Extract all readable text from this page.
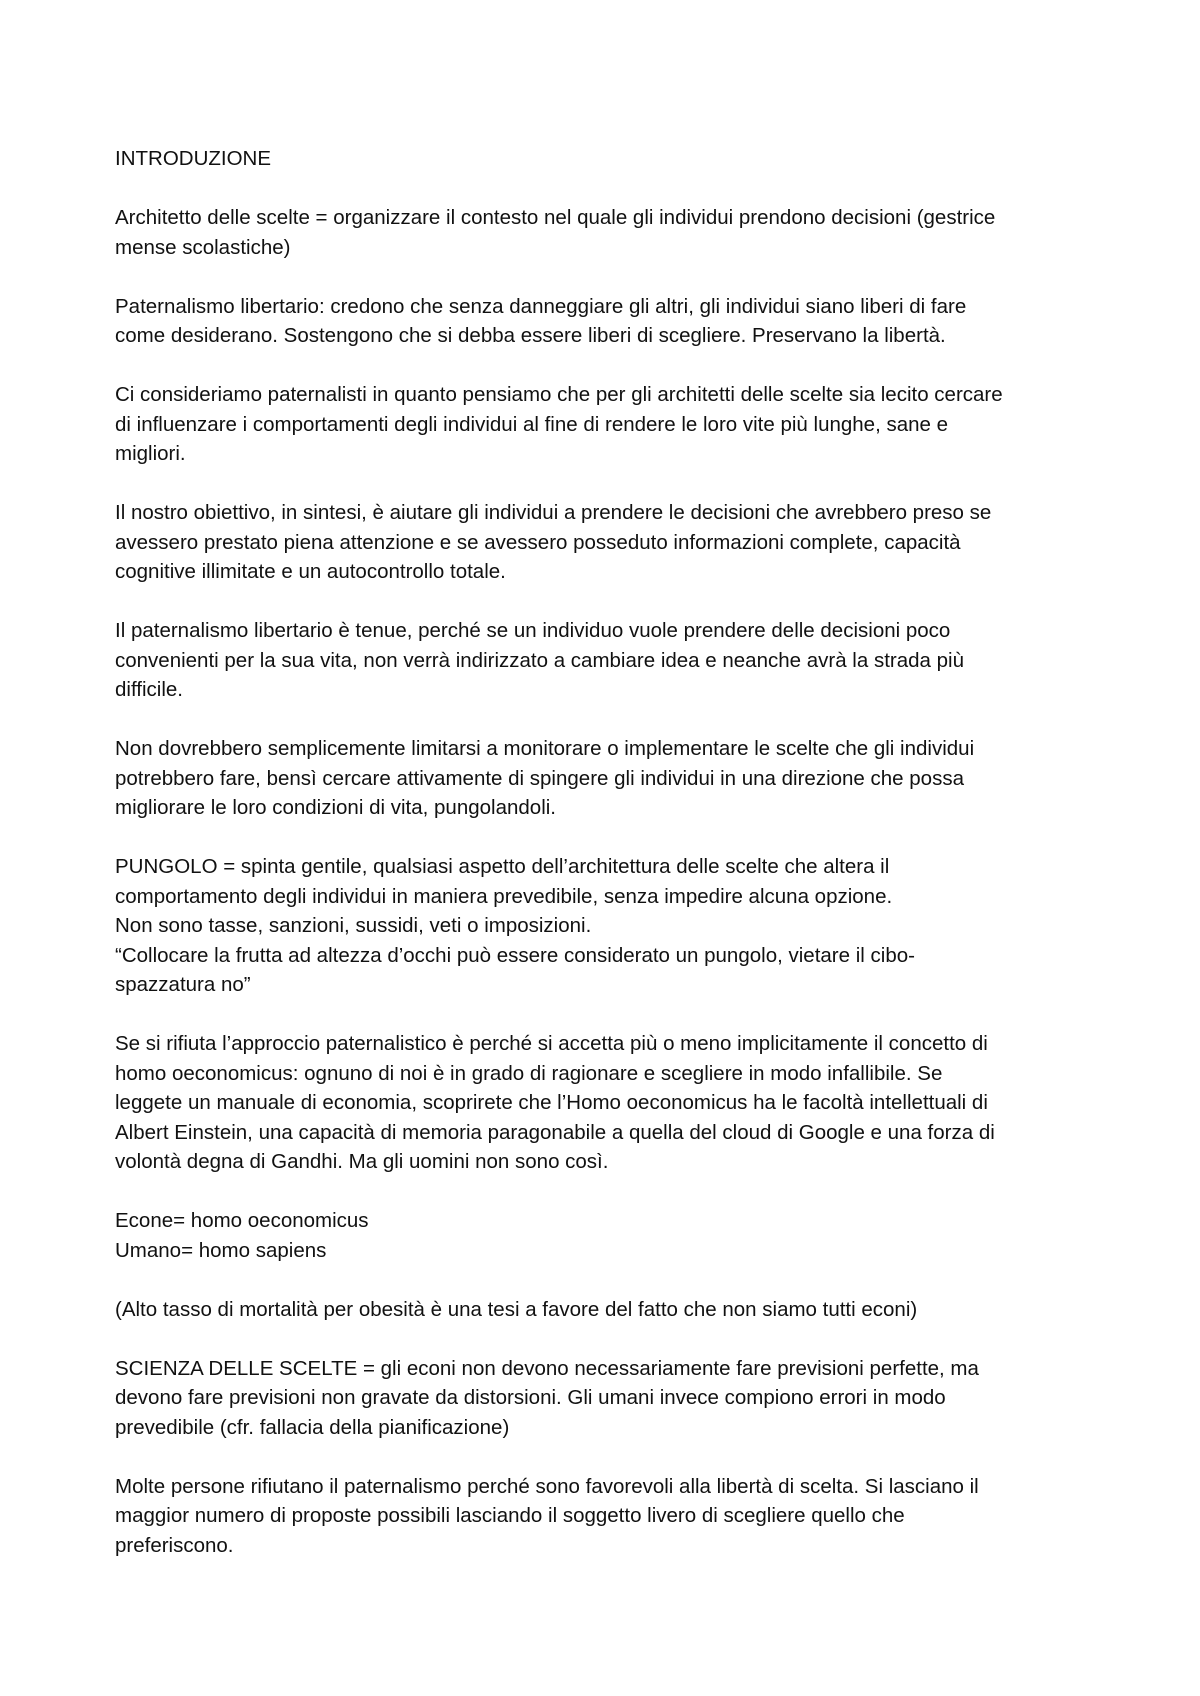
INTRODUZIONE

Architetto delle scelte = organizzare il contesto nel quale gli individui prendono decisioni (gestrice
mense scolastiche)

Paternalismo libertario: credono che senza danneggiare gli altri, gli individui siano liberi di fare
come desiderano. Sostengono che si debba essere liberi di scegliere. Preservano la libertà.

Ci consideriamo paternalisti in quanto pensiamo che per gli architetti delle scelte sia lecito cercare
di influenzare i comportamenti degli individui al fine di rendere le loro vite più lunghe, sane e
migliori.

Il nostro obiettivo, in sintesi, è aiutare gli individui a prendere le decisioni che avrebbero preso se
avessero prestato piena attenzione e se avessero posseduto informazioni complete, capacità
cognitive illimitate e un autocontrollo totale.

Il paternalismo libertario è tenue, perché se un individuo vuole prendere delle decisioni poco
convenienti per la sua vita, non verrà indirizzato a cambiare idea e neanche avrà la strada più
difficile.

Non dovrebbero semplicemente limitarsi a monitorare o implementare le scelte che gli individui
potrebbero fare, bensì cercare attivamente di spingere gli individui in una direzione che possa
migliorare le loro condizioni di vita, pungolandoli.

PUNGOLO = spinta gentile, qualsiasi aspetto dell’architettura delle scelte che altera il
comportamento degli individui in maniera prevedibile, senza impedire alcuna opzione.
Non sono tasse, sanzioni, sussidi, veti o imposizioni.
“Collocare la frutta ad altezza d’occhi può essere considerato un pungolo, vietare il cibo-
spazzatura no”

Se si rifiuta l’approccio paternalistico è perché si accetta più o meno implicitamente il concetto di
homo oeconomicus: ognuno di noi è in grado di ragionare e scegliere in modo infallibile. Se
leggete un manuale di economia, scoprirete che l’Homo oeconomicus ha le facoltà intellettuali di
Albert Einstein, una capacità di memoria paragonabile a quella del cloud di Google e una forza di
volontà degna di Gandhi. Ma gli uomini non sono così.

Econe= homo oeconomicus
Umano= homo sapiens

(Alto tasso di mortalità per obesità è una tesi a favore del fatto che non siamo tutti econi)

SCIENZA DELLE SCELTE = gli econi non devono necessariamente fare previsioni perfette, ma
devono fare previsioni non gravate da distorsioni. Gli umani invece compiono errori in modo
prevedibile (cfr. fallacia della pianificazione)

Molte persone rifiutano il paternalismo perché sono favorevoli alla libertà di scelta. Si lasciano il
maggior numero di proposte possibili lasciando il soggetto livero di scegliere quello che
preferiscono.
